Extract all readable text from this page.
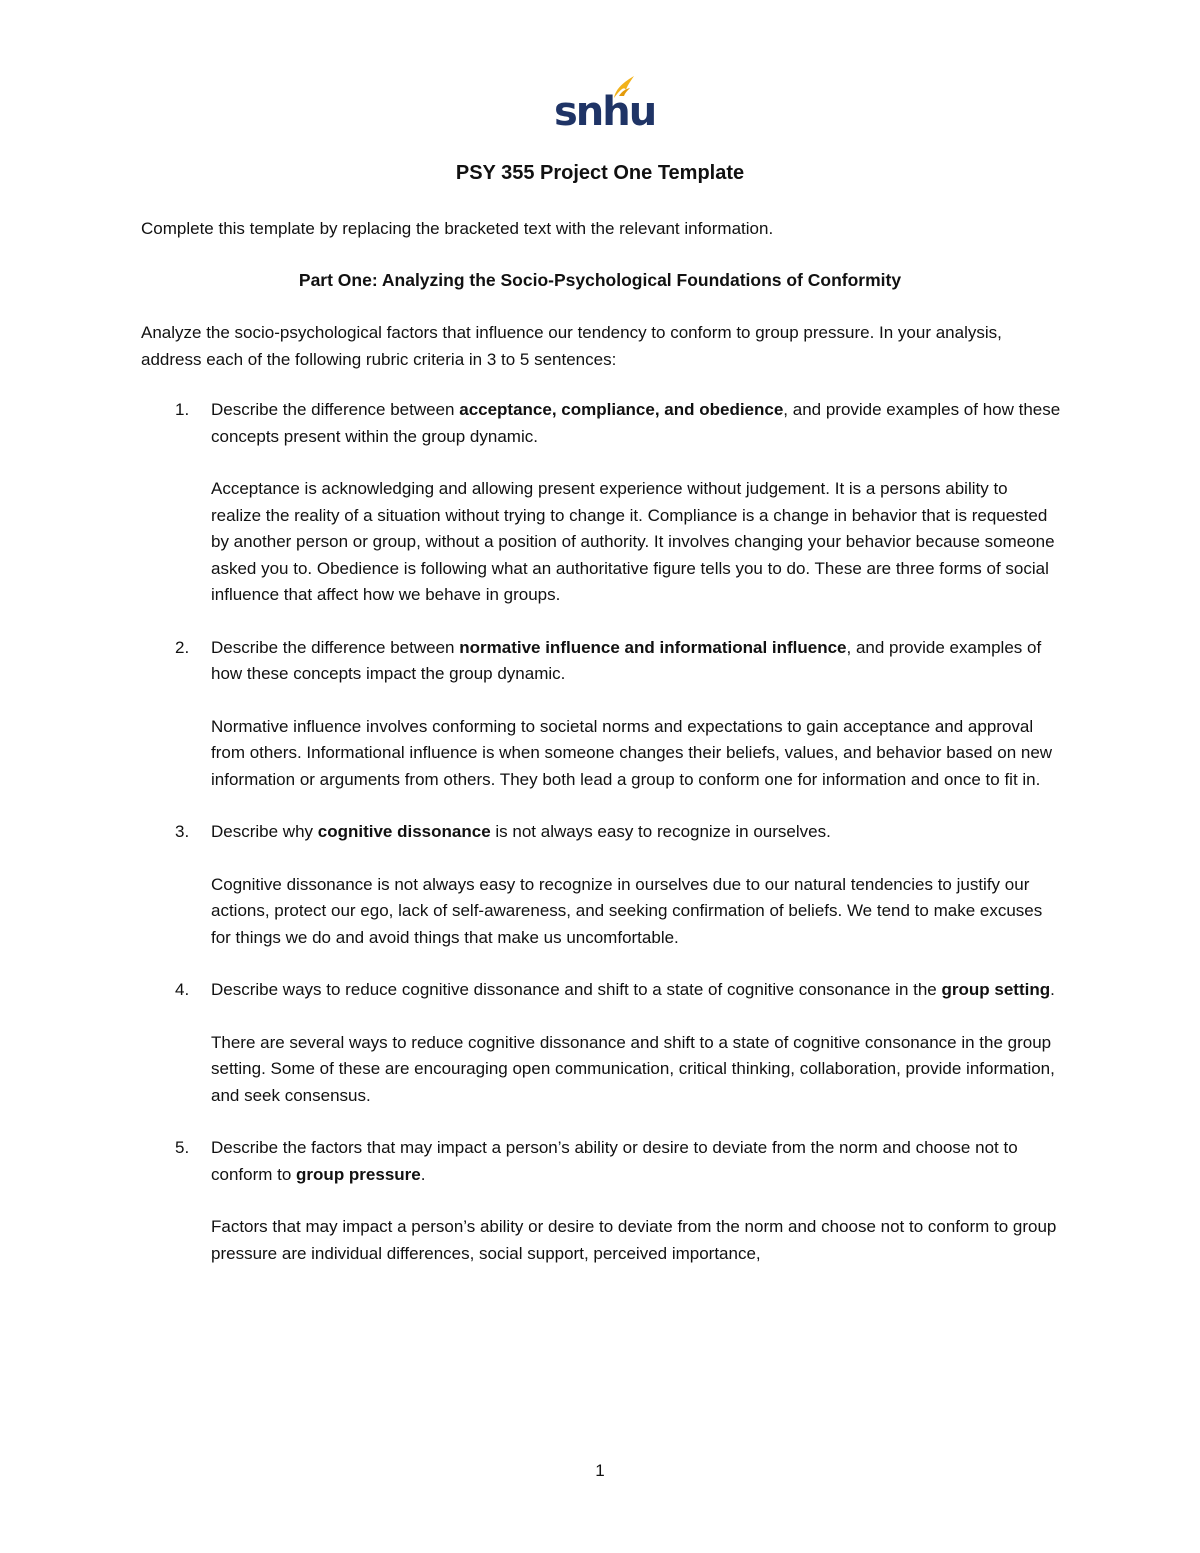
snhu
PSY 355 Project One Template
Complete this template by replacing the bracketed text with the relevant information.
Part One: Analyzing the Socio-Psychological Foundations of Conformity
Analyze the socio-psychological factors that influence our tendency to conform to group pressure. In your analysis, address each of the following rubric criteria in 3 to 5 sentences:
1. Describe the difference between acceptance, compliance, and obedience, and provide examples of how these concepts present within the group dynamic.

Acceptance is acknowledging and allowing present experience without judgement. It is a persons ability to realize the reality of a situation without trying to change it. Compliance is a change in behavior that is requested by another person or group, without a position of authority. It involves changing your behavior because someone asked you to. Obedience is following what an authoritative figure tells you to do. These are three forms of social influence that affect how we behave in groups.

2. Describe the difference between normative influence and informational influence, and provide examples of how these concepts impact the group dynamic.

Normative influence involves conforming to societal norms and expectations to gain acceptance and approval from others. Informational influence is when someone changes their beliefs, values, and behavior based on new information or arguments from others. They both lead a group to conform one for information and once to fit in.

3. Describe why cognitive dissonance is not always easy to recognize in ourselves.

Cognitive dissonance is not always easy to recognize in ourselves due to our natural tendencies to justify our actions, protect our ego, lack of self-awareness, and seeking confirmation of beliefs. We tend to make excuses for things we do and avoid things that make us uncomfortable.

4. Describe ways to reduce cognitive dissonance and shift to a state of cognitive consonance in the group setting.

There are several ways to reduce cognitive dissonance and shift to a state of cognitive consonance in the group setting. Some of these are encouraging open communication, critical thinking, collaboration, provide information, and seek consensus.

5. Describe the factors that may impact a person’s ability or desire to deviate from the norm and choose not to conform to group pressure.

Factors that may impact a person’s ability or desire to deviate from the norm and choose not to conform to group pressure are individual differences, social support, perceived importance,

1
